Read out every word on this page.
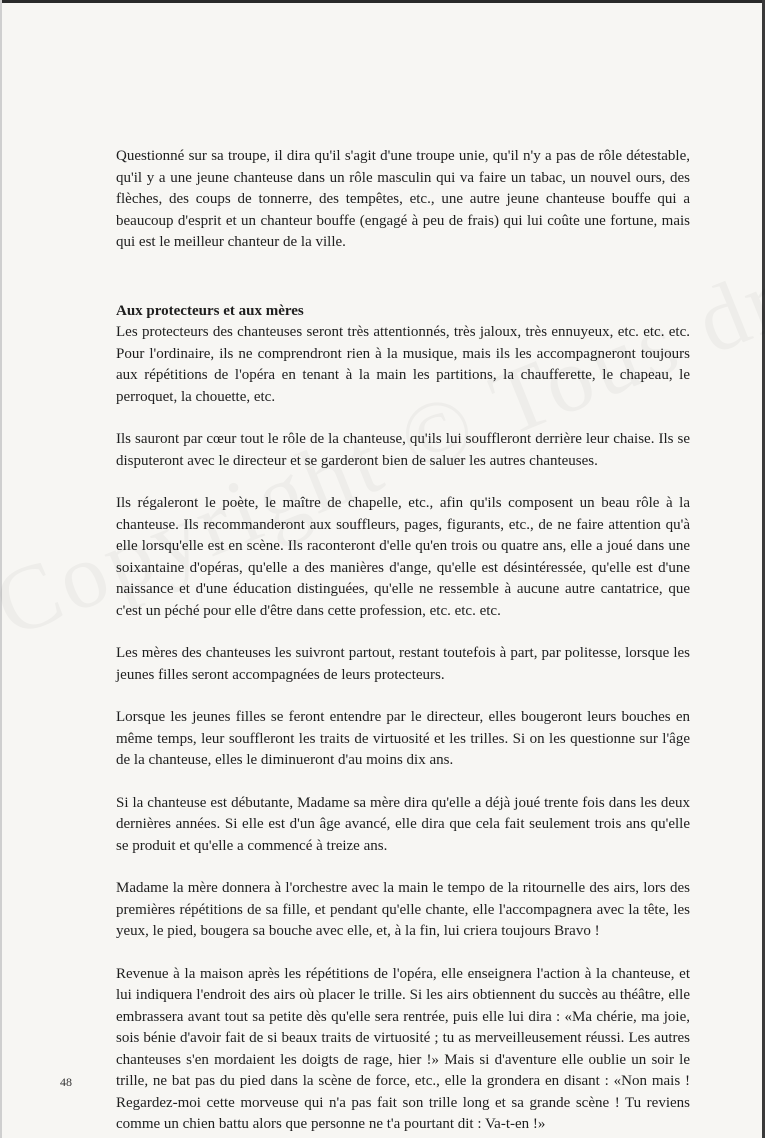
Questionné sur sa troupe, il dira qu'il s'agit d'une troupe unie, qu'il n'y a pas de rôle détestable, qu'il y a une jeune chanteuse dans un rôle masculin qui va faire un tabac, un nouvel ours, des flèches, des coups de tonnerre, des tempêtes, etc., une autre jeune chanteuse bouffe qui a beaucoup d'esprit et un chanteur bouffe (engagé à peu de frais) qui lui coûte une fortune, mais qui est le meilleur chanteur de la ville.

Aux protecteurs et aux mères

Les protecteurs des chanteuses seront très attentionnés, très jaloux, très ennuyeux, etc. etc. etc. Pour l'ordinaire, ils ne comprendront rien à la musique, mais ils les accompagneront toujours aux répétitions de l'opéra en tenant à la main les partitions, la chaufferette, le chapeau, le perroquet, la chouette, etc.

Ils sauront par cœur tout le rôle de la chanteuse, qu'ils lui souffleront derrière leur chaise. Ils se disputeront avec le directeur et se garderont bien de saluer les autres chanteuses.

Ils régaleront le poète, le maître de chapelle, etc., afin qu'ils composent un beau rôle à la chanteuse. Ils recommanderont aux souffleurs, pages, figurants, etc., de ne faire attention qu'à elle lorsqu'elle est en scène. Ils raconteront d'elle qu'en trois ou quatre ans, elle a joué dans une soixantaine d'opéras, qu'elle a des manières d'ange, qu'elle est désintéressée, qu'elle est d'une naissance et d'une éducation distinguées, qu'elle ne ressemble à aucune autre cantatrice, que c'est un péché pour elle d'être dans cette profession, etc. etc. etc.

Les mères des chanteuses les suivront partout, restant toutefois à part, par politesse, lorsque les jeunes filles seront accompagnées de leurs protecteurs.

Lorsque les jeunes filles se feront entendre par le directeur, elles bougeront leurs bouches en même temps, leur souffleront les traits de virtuosité et les trilles. Si on les questionne sur l'âge de la chanteuse, elles le diminueront d'au moins dix ans.

Si la chanteuse est débutante, Madame sa mère dira qu'elle a déjà joué trente fois dans les deux dernières années. Si elle est d'un âge avancé, elle dira que cela fait seulement trois ans qu'elle se produit et qu'elle a commencé à treize ans.

Madame la mère donnera à l'orchestre avec la main le tempo de la ritournelle des airs, lors des premières répétitions de sa fille, et pendant qu'elle chante, elle l'accompagnera avec la tête, les yeux, le pied, bougera sa bouche avec elle, et, à la fin, lui criera toujours Bravo !

Revenue à la maison après les répétitions de l'opéra, elle enseignera l'action à la chanteuse, et lui indiquera l'endroit des airs où placer le trille. Si les airs obtiennent du succès au théâtre, elle embrassera avant tout sa petite dès qu'elle sera rentrée, puis elle lui dira : «Ma chérie, ma joie, sois bénie d'avoir fait de si beaux traits de virtuosité ; tu as merveilleusement réussi. Les autres chanteuses s'en mordaient les doigts de rage, hier !» Mais si d'aventure elle oublie un soir le trille, ne bat pas du pied dans la scène de force, etc., elle la grondera en disant : «Non mais ! Regardez-moi cette morveuse qui n'a pas fait son trille long et sa grande scène ! Tu reviens comme un chien battu alors que personne ne t'a pourtant dit : Va-t-en !»

48
